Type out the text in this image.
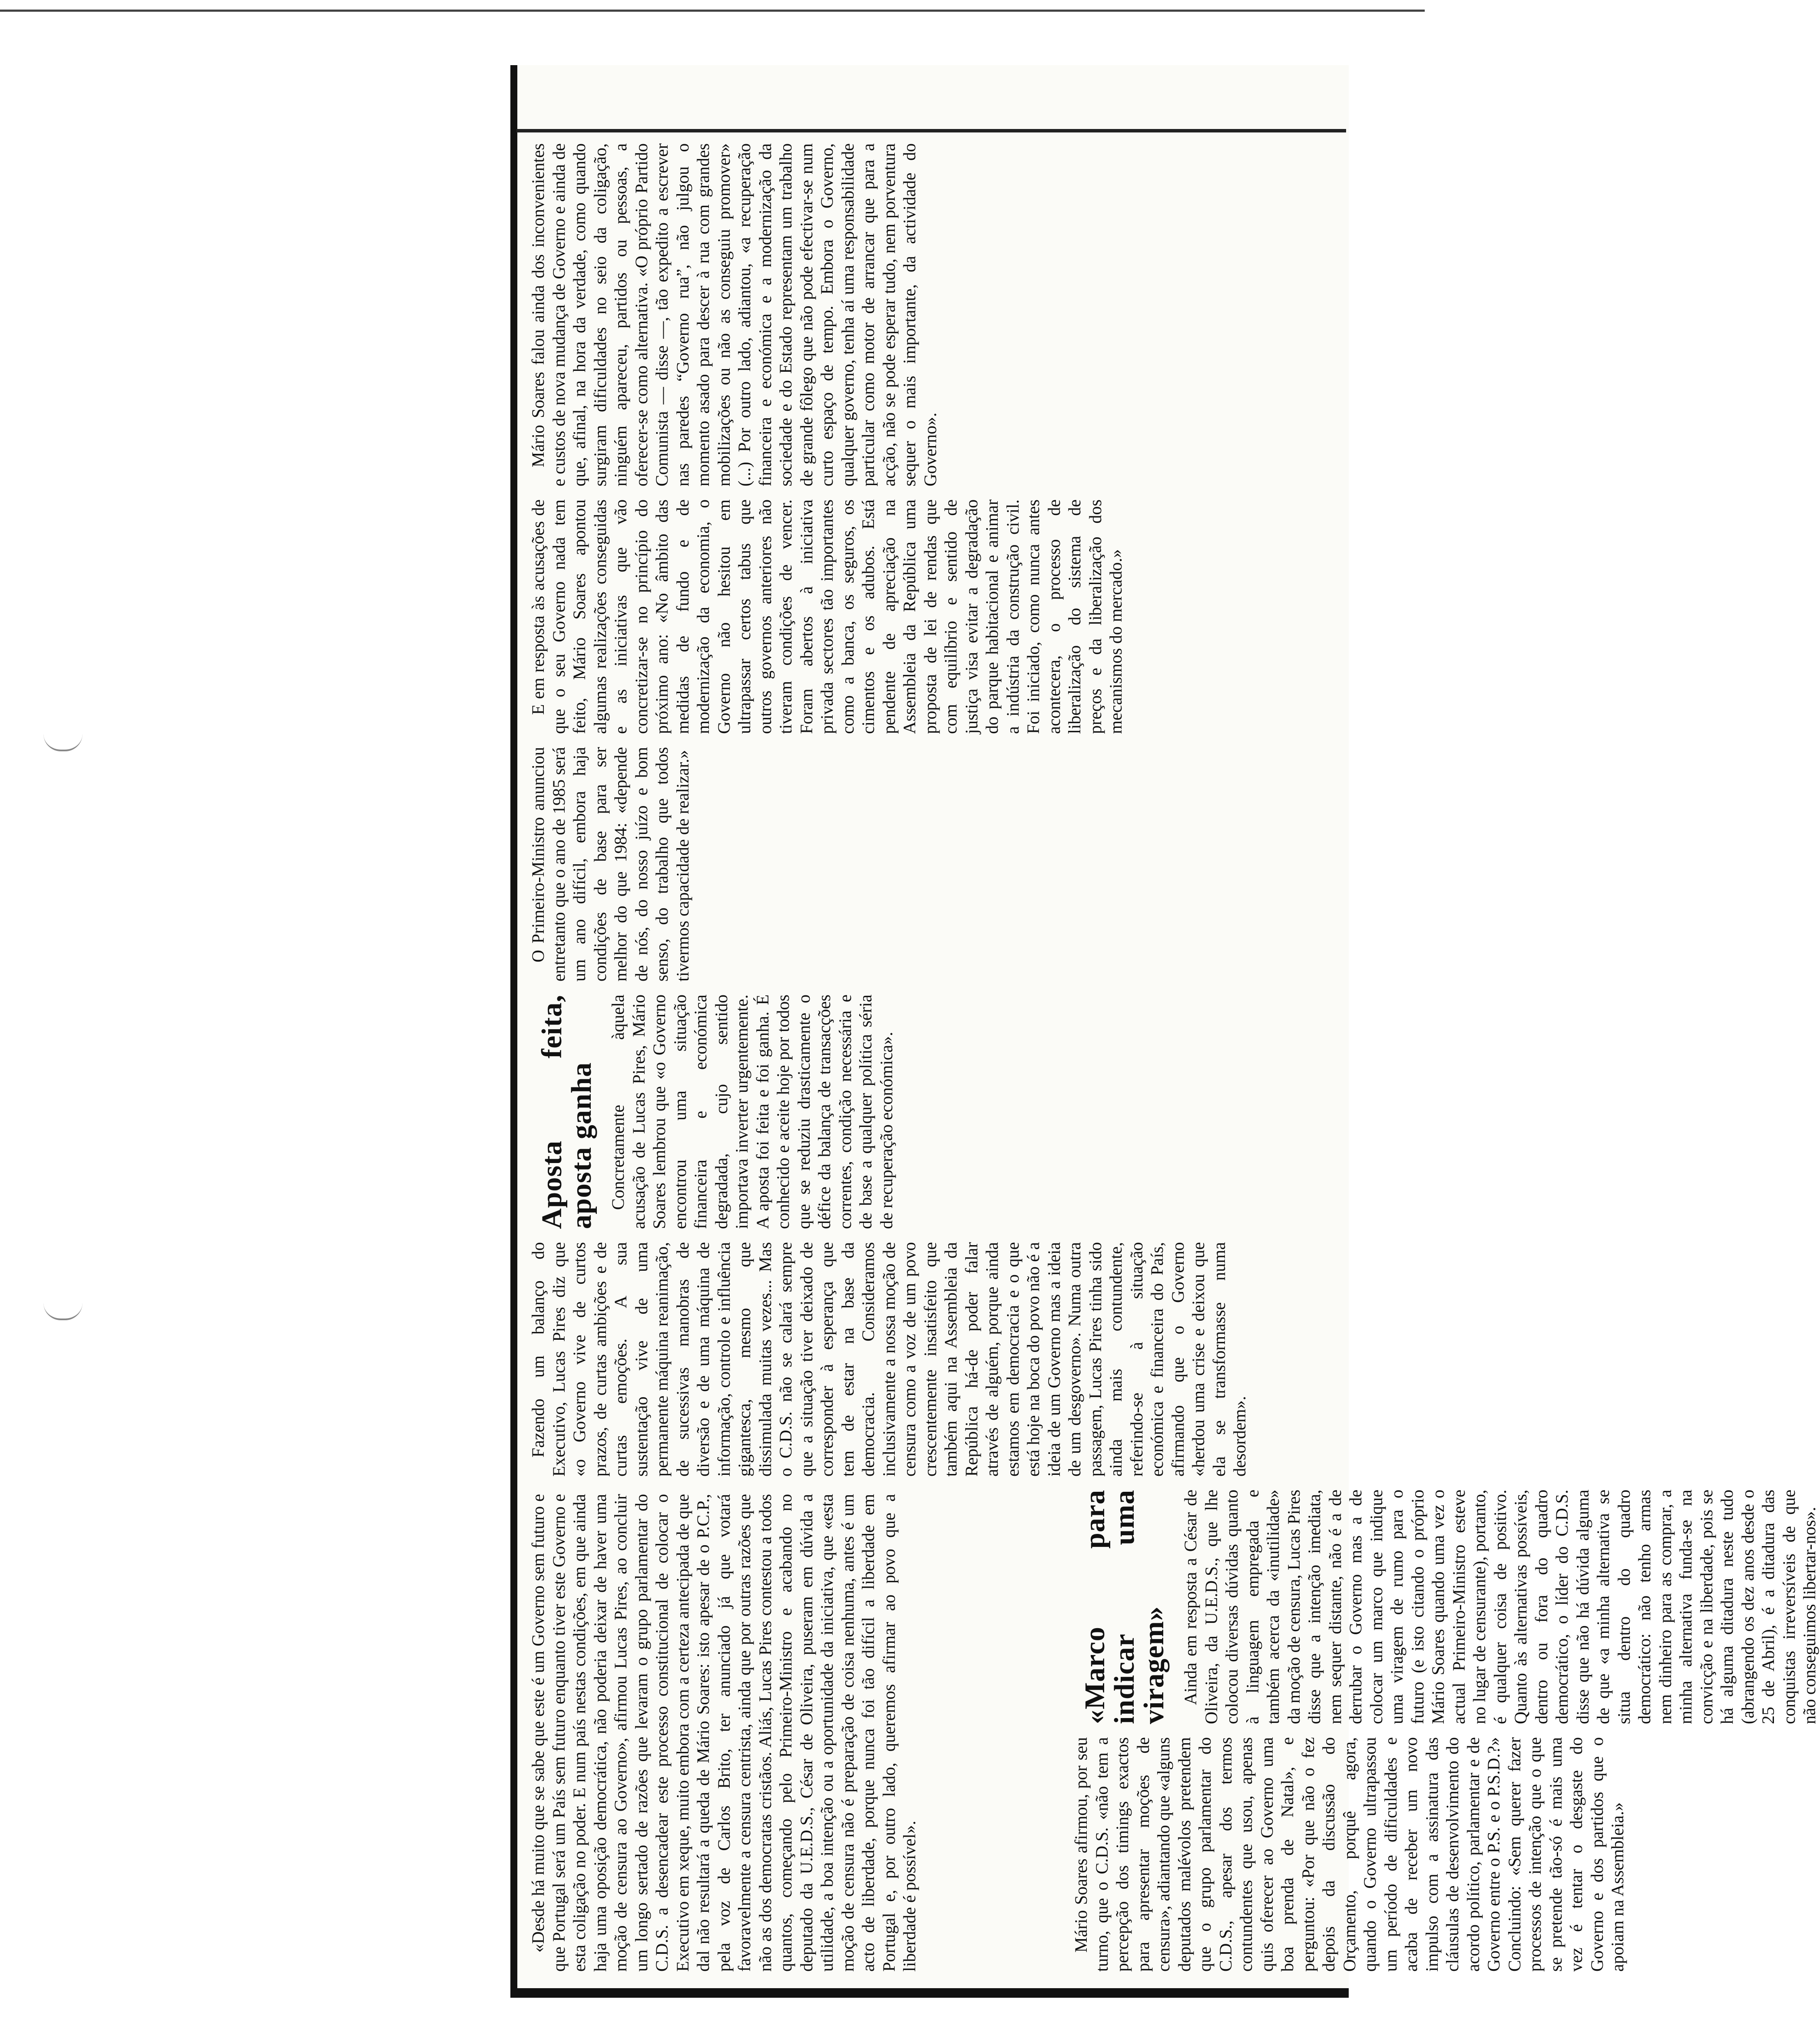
«Desde há muito que se sabe que este é um Governo sem futuro e que Portugal será um País sem futuro enquanto tiver este Governo e esta coligação no poder. E num país nestas condições, em que ainda haja uma oposição democrática, não poderia deixar de haver uma moção de censura ao Governo», afirmou Lucas Pires, ao concluir um longo sertado de razões que levaram o grupo parlamentar do C.D.S. a desencadear este processo constitucional de colocar o Executivo em xeque, muito embora com a certeza antecipada de que dal não resultará a queda de Mário Soares: isto apesar de o P.C.P., pela voz de Carlos Brito, ter anunciado já que votará favoravelmente a censura centrista, ainda que por outras razões que não as dos democratas cristãos. Aliás, Lucas Pires contestou a todos quantos, começando pelo Primeiro-Ministro e acabando no deputado da U.E.D.S., César de Oliveira, puseram em dúvida a utilidade, a boa intenção ou a oportunidade da iniciativa, que «esta moção de censura não é preparação de coisa nenhuma, antes é um acto de liberdade, porque nunca foi tão difícil a liberdade em Portugal e, por outro lado, queremos afirmar ao povo que a liberdade é possível».	Mário Soares afirmou, por seu turno, que o C.D.S. «não tem a percepção dos timings exactos para apresentar moções de censura», adiantando que «alguns deputados malévolos pretendem que o grupo parlamentar do C.D.S., apesar dos termos contundentes que usou, apenas quis oferecer ao Governo uma boa prenda de Natal», e perguntou: «Por que não o fez depois da discussão do Orçamento, porquê agora, quando o Governo ultrapassou um período de dificuldades e acaba de receber um novo impulso com a assinatura das cláusulas de desenvolvimento do acordo político, parlamentar e de Governo entre o P.S. e o P.S.D.?» Concluindo: «Sem querer fazer processos de intenção que o que se pretende tão-só é mais uma vez é tentar o desgaste do Governo e dos partidos que o apoiam na Assembleia.»

«Marco para indicar uma viragem» Ainda em resposta a César de Oliveira, da U.E.D.S., que lhe colocou diversas dúvidas quanto à linguagem empregada e também acerca da «inutilidade» da moção de censura, Lucas Pires disse que a intenção imediata, nem sequer distante, não é a de derrubar o Governo mas a de colocar um marco que indique uma viragem de rumo para o futuro (e isto citando o próprio Mário Soares quando uma vez o actual Primeiro-Ministro esteve no lugar de censurante), portanto, é qualquer coisa de positivo. Quanto às alternativas possíveis, dentro ou fora do quadro democrático, o líder do C.D.S. disse que não há dúvida alguma de que «a minha alternativa se situa dentro do quadro democrático: não tenho armas nem dinheiro para as comprar, a minha alternativa funda-se na convicção e na liberdade, pois se há alguma ditadura neste tudo (abrangendo os dez anos desde o 25 de Abril), é a ditadura das conquistas irreversíveis de que não conseguimos libertar-nos».

Fazendo um balanço do Executivo, Lucas Pires diz que «o Governo vive de curtos prazos, de curtas ambições e de curtas emoções. A sua sustentação vive de uma permanente máquina reanimação, de sucessivas manobras de diversão e de uma máquina de informação, controlo e influência gigantesca, mesmo que dissimulada muitas vezes... Mas o C.D.S. não se calará sempre que a situação tiver deixado de corresponder à esperança que tem de estar na base da democracia. Consideramos inclusivamente a nossa moção de censura como a voz de um povo crescentemente insatisfeito que também aqui na Assembleia da República há-de poder falar através de alguém, porque ainda estamos em democracia e o que está hoje na boca do povo não é a ideia de um Governo mas a ideia de um desgoverno». Numa outra passagem, Lucas Pires tinha sido ainda mais contundente, referindo-se à situação económica e financeira do País, afirmando que o Governo «herdou uma crise e deixou que ela se transformasse numa desordem».

Aposta feita, aposta ganha Concretamente àquela acusação de Lucas Pires, Mário Soares lembrou que «o Governo encontrou uma situação financeira e económica degradada, cujo sentido importava inverter urgentemente. A aposta foi feita e foi ganha. É conhecido e aceite hoje por todos que se reduziu drasticamente o défice da balança de transacções correntes, condição necessária e de base a qualquer política séria de recuperação económica».

O Primeiro-Ministro anunciou entretanto que o ano de 1985 será um ano difícil, embora haja condições de base para ser melhor do que 1984: «depende de nós, do nosso juízo e bom senso, do trabalho que todos tivermos capacidade de realizar.»

E em resposta às acusações de que o seu Governo nada tem feito, Mário Soares apontou algumas realizações conseguidas e as iniciativas que vão concretizar-se no princípio do próximo ano: «No âmbito das medidas de fundo e de modernização da economia, o Governo não hesitou em ultrapassar certos tabus que outros governos anteriores não tiveram condições de vencer. Foram abertos à iniciativa privada sectores tão importantes como a banca, os seguros, os cimentos e os adubos. Está pendente de apreciação na Assembleia da República uma proposta de lei de rendas que com equilíbrio e sentido de justiça visa evitar a degradação do parque habitacional e animar a indústria da construção civil. Foi iniciado, como nunca antes acontecera, o processo de liberalização do sistema de preços e da liberalização dos mecanismos do mercado.»

Mário Soares falou ainda dos inconvenientes e custos de nova mudança de Governo e ainda de que, afinal, na hora da verdade, como quando surgiram dificuldades no seio da coligação, ninguém apareceu, partidos ou pessoas, a oferecer-se como alternativa. «O próprio Partido Comunista — disse —, tão expedito a escrever nas paredes “Governo rua”, não julgou o momento asado para descer à rua com grandes mobilizações ou não as conseguiu promover» (...) Por outro lado, adiantou, «a recuperação financeira e económica e a modernização da sociedade e do Estado representam um trabalho de grande fôlego que não pode efectivar-se num curto espaço de tempo. Embora o Governo, qualquer governo, tenha aí uma responsabilidade particular como motor de arrancar que para a acção, não se pode esperar tudo, nem porventura sequer o mais importante, da actividade do Governo».
